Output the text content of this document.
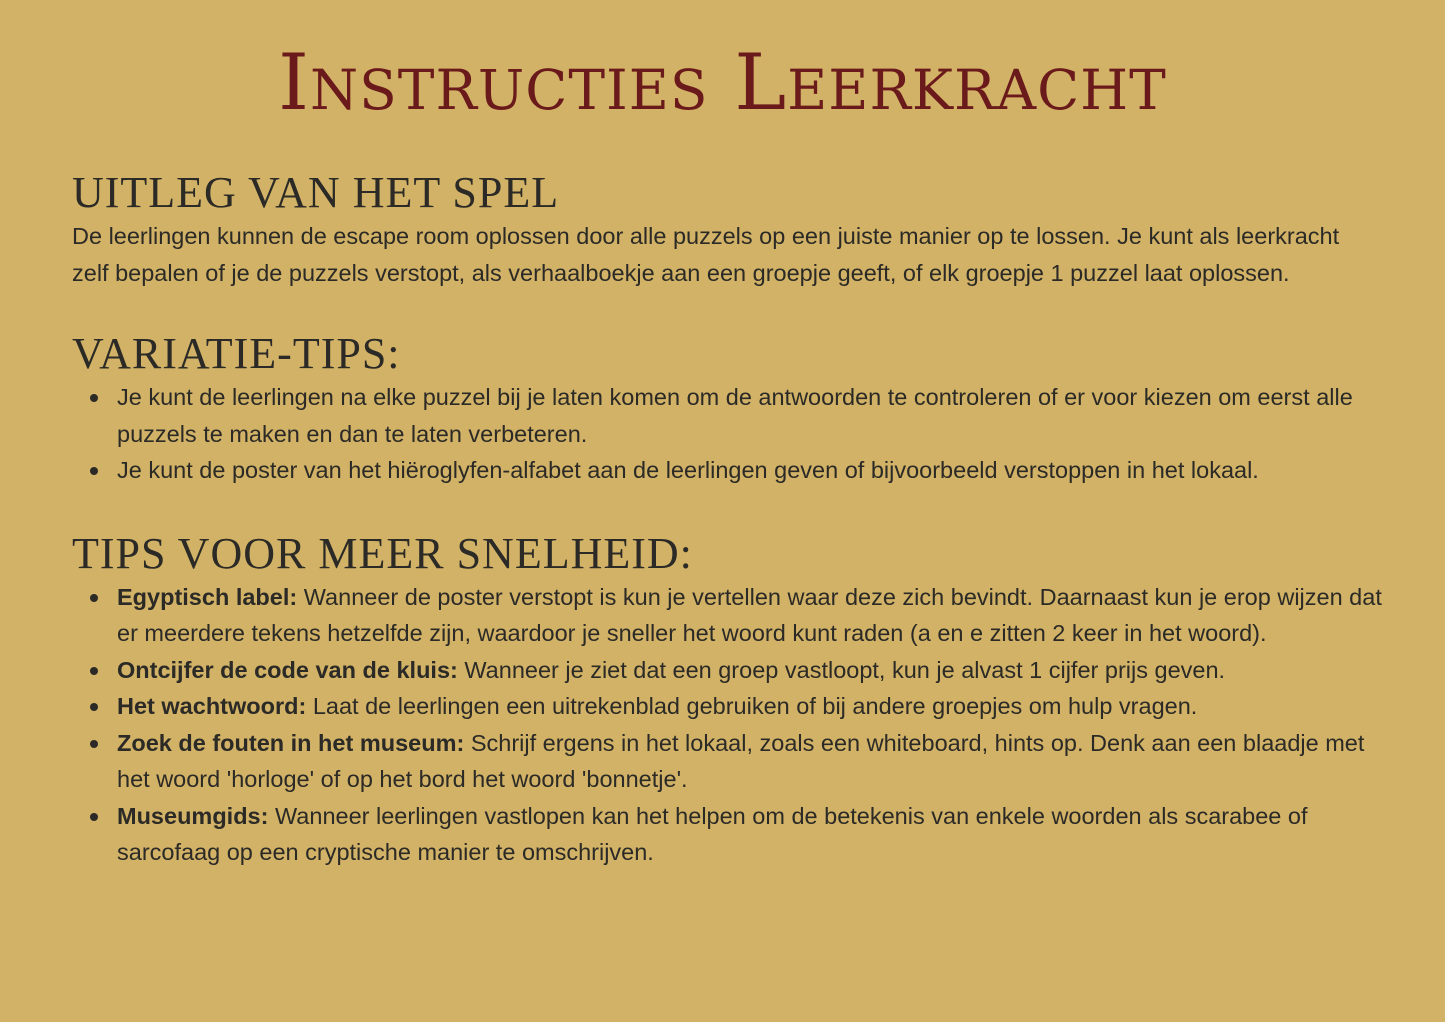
Instructies Leerkracht
UITLEG VAN HET SPEL

De leerlingen kunnen de escape room oplossen door alle puzzels op een juiste manier op te lossen. Je kunt als leerkracht zelf bepalen of je de puzzels verstopt, als verhaalboekje aan een groepje geeft, of elk groepje 1 puzzel laat oplossen.

VARIATIE-TIPS:
Je kunt de leerlingen na elke puzzel bij je laten komen om de antwoorden te controleren of er voor kiezen om eerst alle puzzels te maken en dan te laten verbeteren.
Je kunt de poster van het hiëroglyfen-alfabet aan de leerlingen geven of bijvoorbeeld verstoppen in het lokaal.
TIPS VOOR MEER SNELHEID:
Egyptisch label: Wanneer de poster verstopt is kun je vertellen waar deze zich bevindt. Daarnaast kun je erop wijzen dat er meerdere tekens hetzelfde zijn, waardoor je sneller het woord kunt raden (a en e zitten 2 keer in het woord).
Ontcijfer de code van de kluis: Wanneer je ziet dat een groep vastloopt, kun je alvast 1 cijfer prijs geven.
Het wachtwoord: Laat de leerlingen een uitrekenblad gebruiken of bij andere groepjes om hulp vragen.
Zoek de fouten in het museum: Schrijf ergens in het lokaal, zoals een whiteboard, hints op. Denk aan een blaadje met het woord 'horloge' of op het bord het woord 'bonnetje'.
Museumgids: Wanneer leerlingen vastlopen kan het helpen om de betekenis van enkele woorden als scarabee of sarcofaag op een cryptische manier te omschrijven.
